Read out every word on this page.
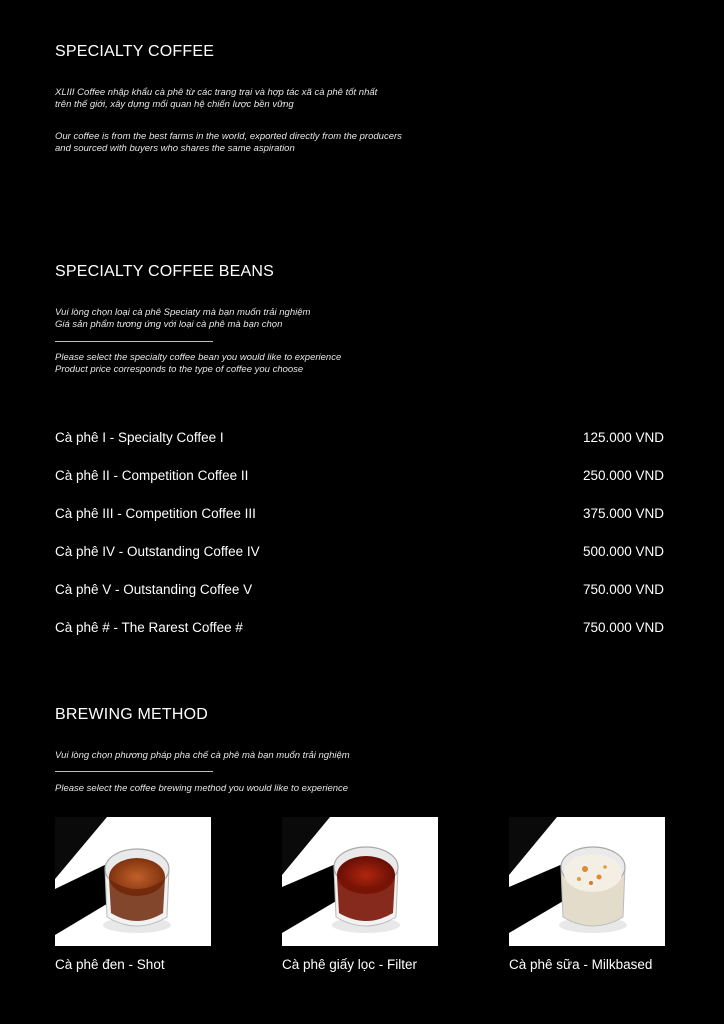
SPECIALTY COFFEE
XLIII Coffee nhập khẩu cà phê từ các trang trại và hợp tác xã cà phê tốt nhất
trên thế giới, xây dựng mối quan hệ chiến lược bền vững
Our coffee is from the best farms in the world, exported directly from the producers
and sourced with buyers who shares the same aspiration
SPECIALTY COFFEE BEANS
Vui lòng chọn loại cà phê Speciaty mà bạn muốn trải nghiệm
Giá sản phẩm tương ứng với loại cà phê mà bạn chọn
Please select the specialty coffee bean you would like to experience
Product price corresponds to the type of coffee you choose
Cà phê I - Specialty Coffee I	125.000 VND
Cà phê II - Competition Coffee II	250.000 VND
Cà phê III - Competition Coffee III	375.000 VND
Cà phê IV - Outstanding Coffee IV	500.000 VND
Cà phê V - Outstanding Coffee V	750.000 VND
Cà phê # - The Rarest Coffee #	750.000 VND
BREWING METHOD
Vui lòng chọn phương pháp pha chế cà phê mà bạn muốn trải nghiệm
Please select the coffee brewing method you would like to experience
Cà phê đen - Shot	Cà phê giấy lọc - Filter	Cà phê sữa - Milkbased
